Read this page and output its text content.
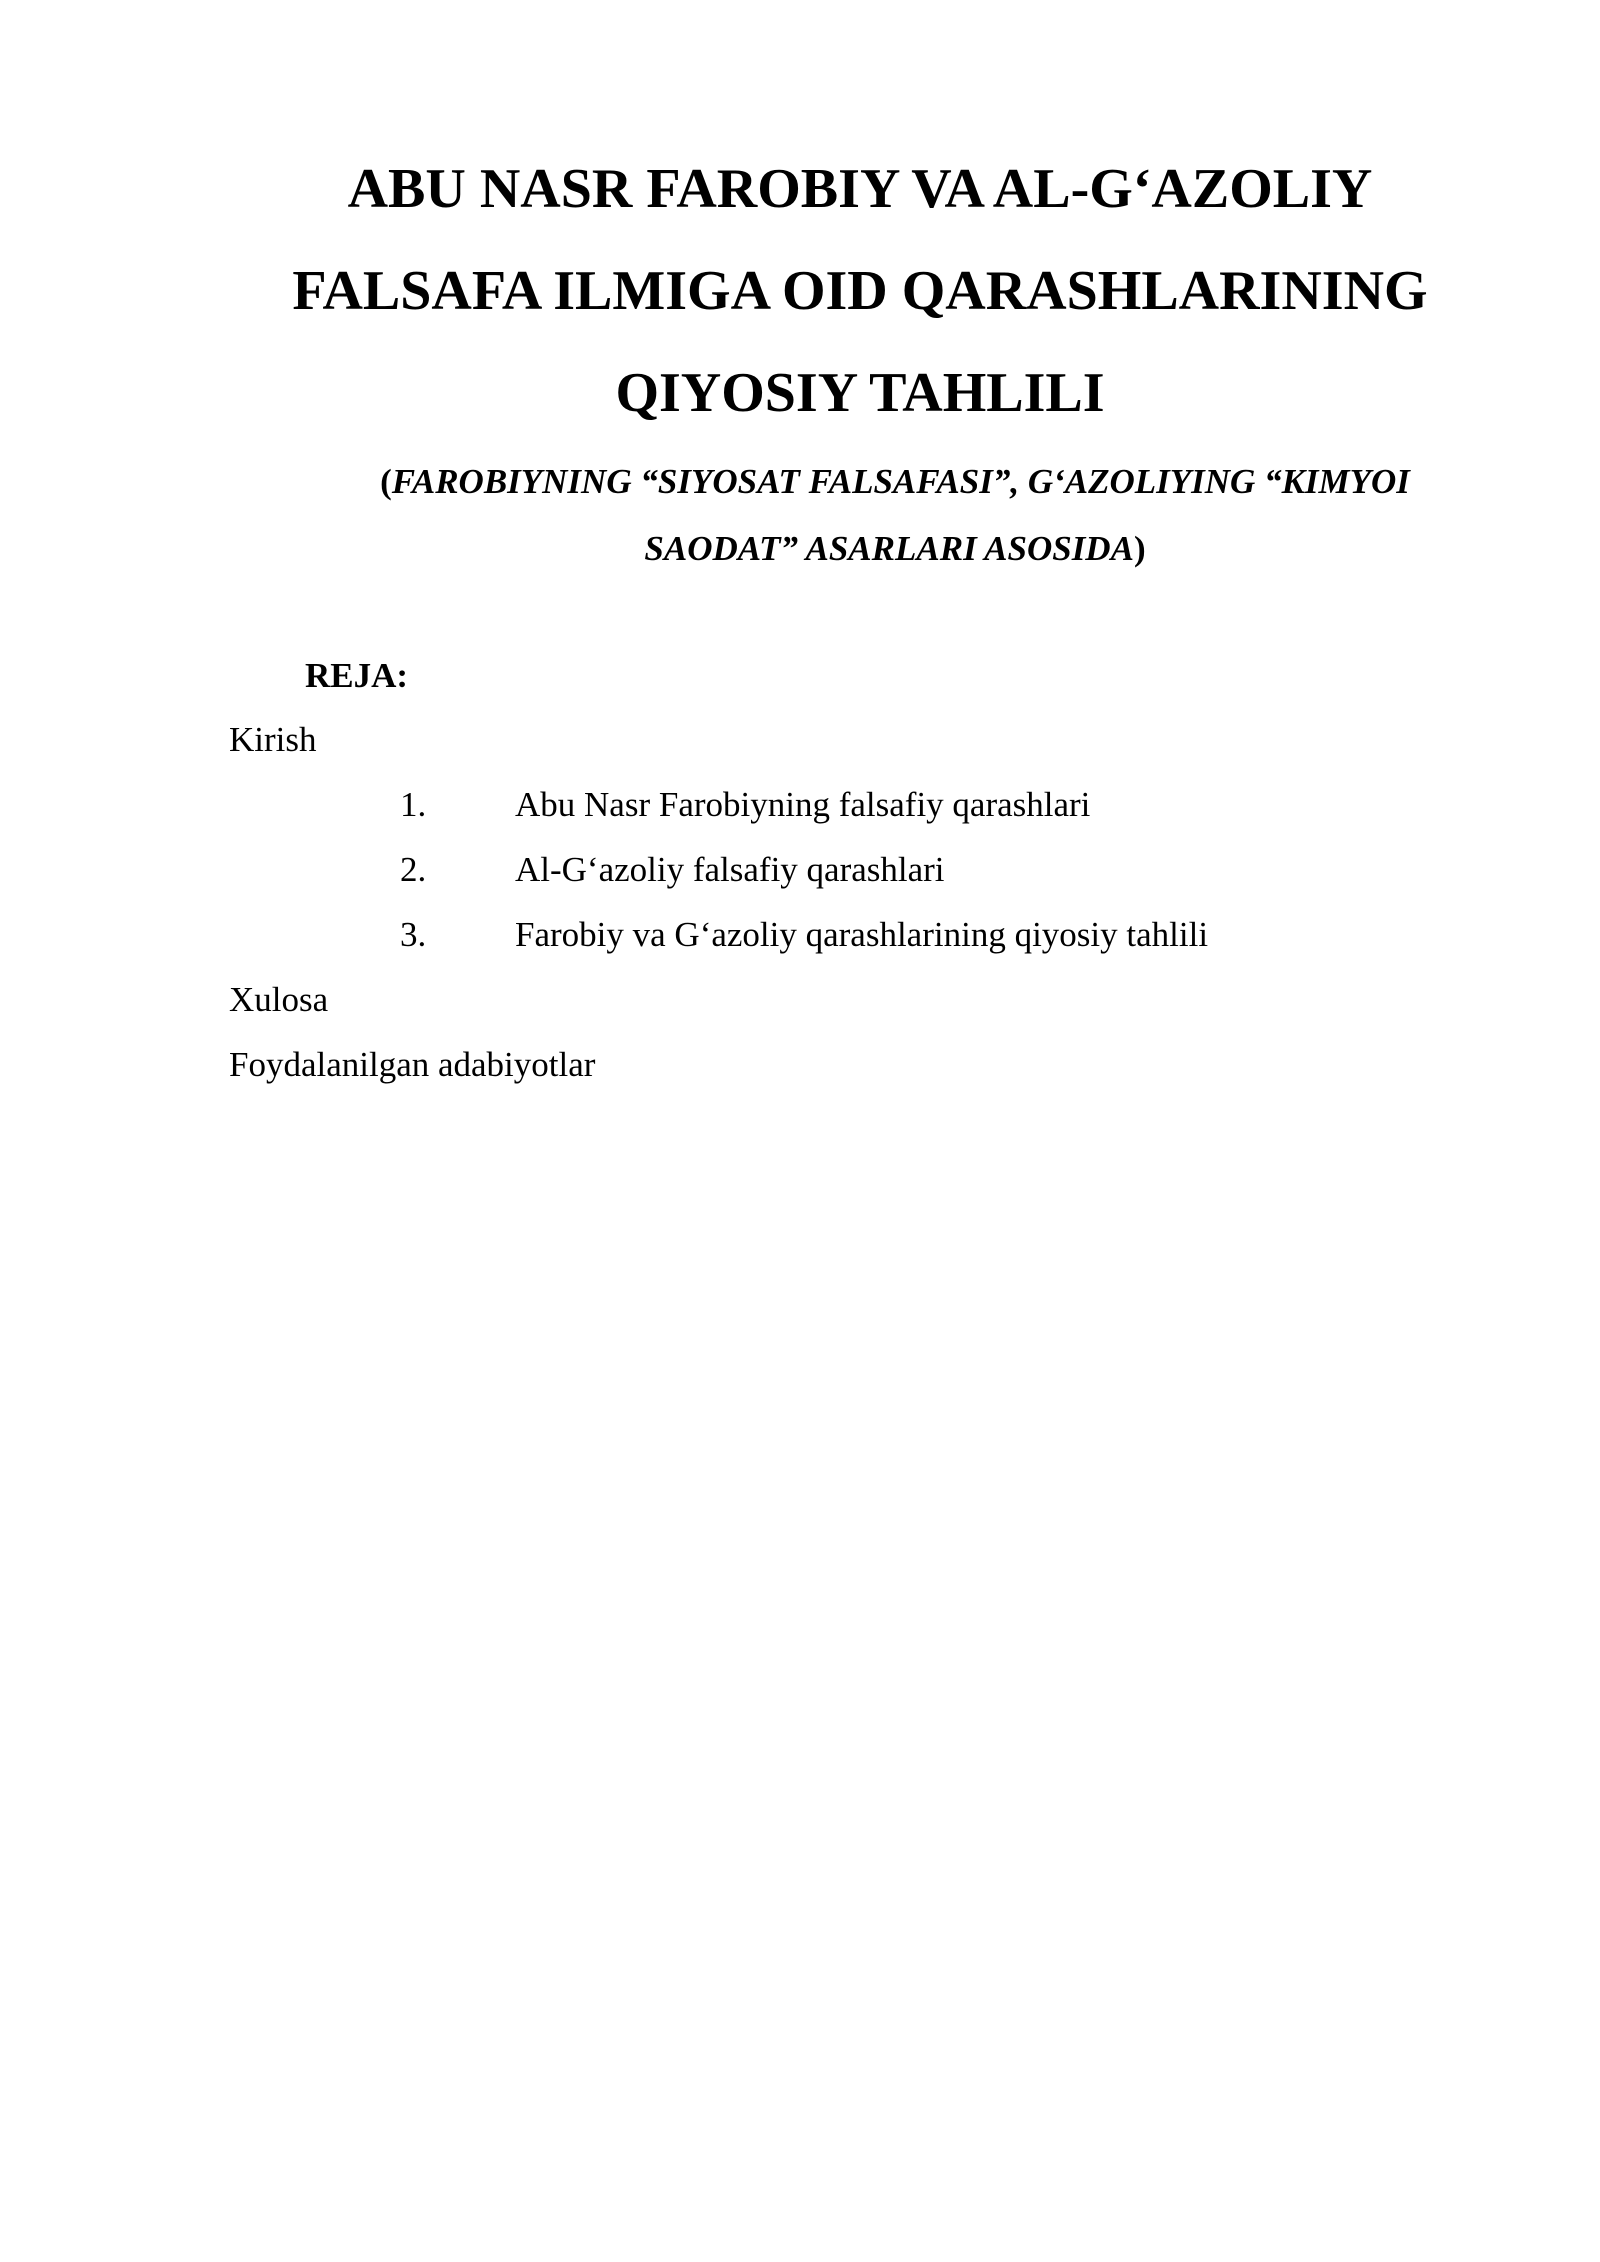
ABU NASR FAROBIY VA AL-G‘AZOLIY
FALSAFA ILMIGA OID QARASHLARINING
QIYOSIY TAHLILI
(FAROBIYNING “SIYOSAT FALSAFASI”, G‘AZOLIYING “KIMYOI
SAODAT” ASARLARI ASOSIDA)
REJA:
Kirish
1.	Abu Nasr Farobiyning falsafiy qarashlari
2.	Al-G‘azoliy falsafiy qarashlari
3.	Farobiy va G‘azoliy qarashlarining qiyosiy tahlili
Xulosa
Foydalanilgan adabiyotlar
